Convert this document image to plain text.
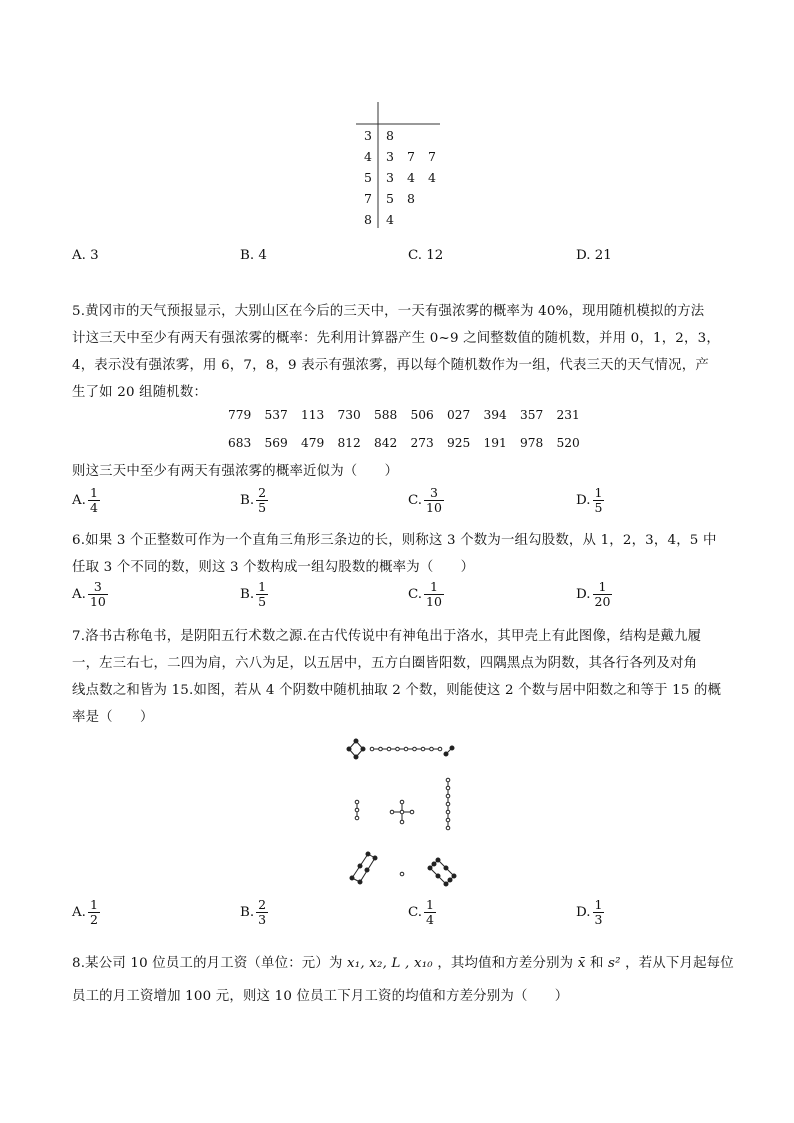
3 8
4 3 7 7
5 3 4 4
7 5 8
8 4
A. 3	B. 4	C. 12	D. 21
5.黄冈市的天气预报显示，大别山区在今后的三天中，一天有强浓雾的概率为 40%，现用随机模拟的方法
计这三天中至少有两天有强浓雾的概率：先利用计算器产生 0~9 之间整数值的随机数，并用 0，1，2，3，
4，表示没有强浓雾，用 6，7，8，9 表示有强浓雾，再以每个随机数作为一组，代表三天的天气情况，产
生了如 20 组随机数：
779 537 113 730 588 506 027 394 357 231
683 569 479 812 842 273 925 191 978 520
则这三天中至少有两天有强浓雾的概率近似为（　　）
A. $\frac{1}{4}$	B. $\frac{2}{5}$	C. $\frac{3}{10}$	D. $\frac{1}{5}$
6.如果 3 个正整数可作为一个直角三角形三条边的长，则称这 3 个数为一组勾股数，从 1，2，3，4，5 中
任取 3 个不同的数，则这 3 个数构成一组勾股数的概率为（　　）
A. $\frac{3}{10}$	B. $\frac{1}{5}$	C. $\frac{1}{10}$	D. $\frac{1}{20}$
7.洛书古称龟书，是阴阳五行术数之源.在古代传说中有神龟出于洛水，其甲壳上有此图像，结构是戴九履
一，左三右七，二四为肩，六八为足，以五居中，五方白圈皆阳数，四隅黑点为阴数，其各行各列及对角
线点数之和皆为 15.如图，若从 4 个阴数中随机抽取 2 个数，则能使这 2 个数与居中阳数之和等于 15 的概
率是（　　）
A. $\frac{1}{2}$	B. $\frac{2}{3}$	C. $\frac{1}{4}$	D. $\frac{1}{3}$
8.某公司 10 位员工的月工资（单位：元）为 x₁, x₂, L , x₁₀ ，其均值和方差分别为 x̄ 和 s² ，若从下月起每位
员工的月工资增加 100 元，则这 10 位员工下月工资的均值和方差分别为（　　）
